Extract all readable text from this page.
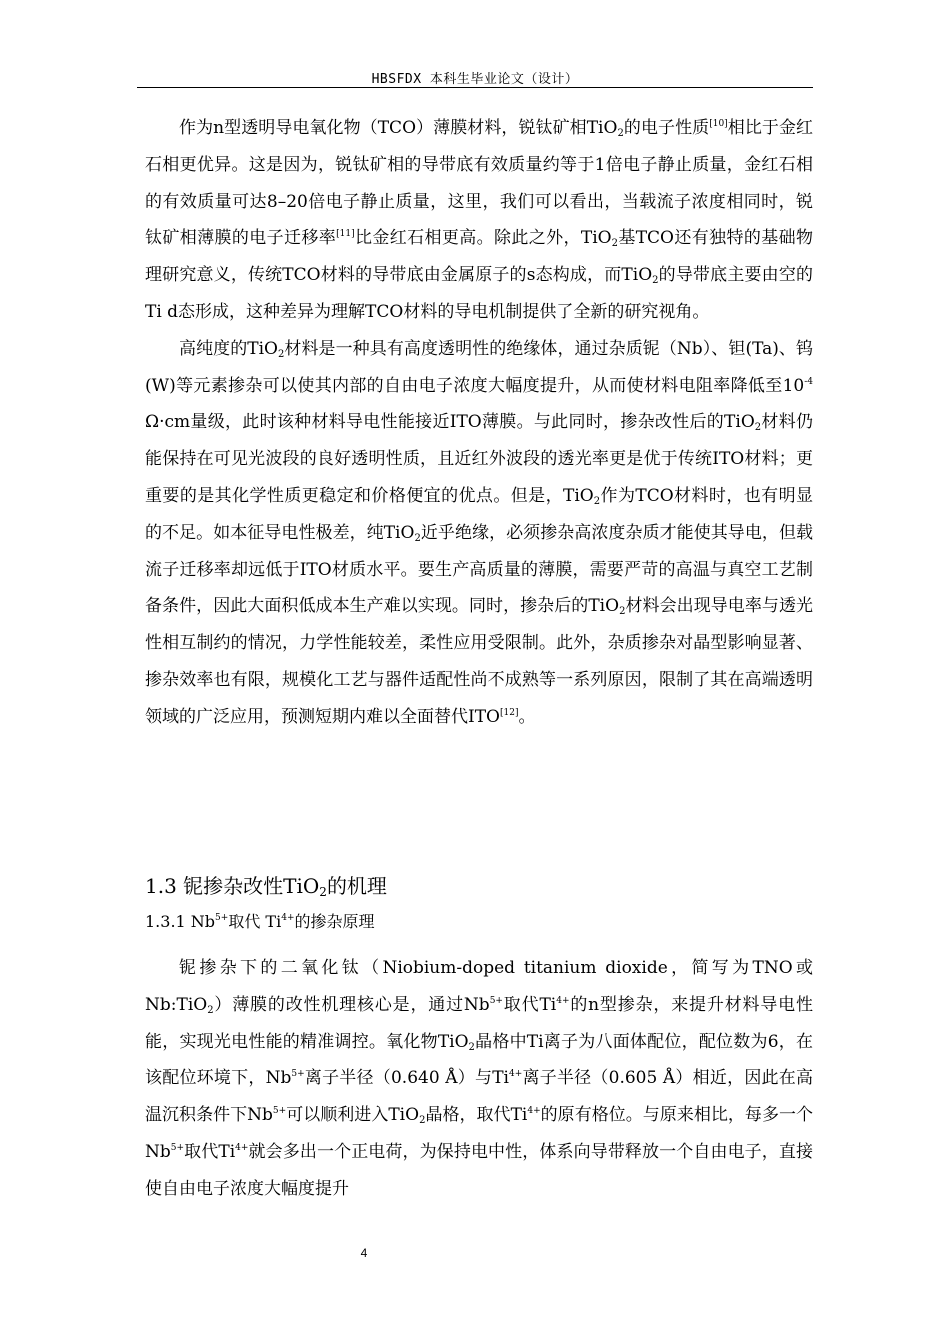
HBSFDX 本科生毕业论文（设计）

作为n型透明导电氧化物（TCO）薄膜材料，锐钛矿相TiO$_2$的电子性质[10]相比于金红石相更优异。这是因为，锐钛矿相的导带底有效质量约等于1倍电子静止质量，金红石相的有效质量可达8–20倍电子静止质量，这里，我们可以看出，当载流子浓度相同时，锐钛矿相薄膜的电子迁移率[11]比金红石相更高。除此之外，TiO$_2$基TCO还有独特的基础物理研究意义，传统TCO材料的导带底由金属原子的s态构成，而TiO$_2$的导带底主要由空的Ti d态形成，这种差异为理解TCO材料的导电机制提供了全新的研究视角。

高纯度的TiO$_2$材料是一种具有高度透明性的绝缘体，通过杂质铌（Nb）、钽(Ta)、钨(W)等元素掺杂可以使其内部的自由电子浓度大幅度提升，从而使材料电阻率降低至$10^{-4}$ Ω·cm量级，此时该种材料导电性能接近ITO薄膜。与此同时，掺杂改性后的TiO$_2$材料仍能保持在可见光波段的良好透明性质，且近红外波段的透光率更是优于传统ITO材料；更重要的是其化学性质更稳定和价格便宜的优点。但是，TiO$_2$作为TCO材料时，也有明显的不足。如本征导电性极差，纯TiO$_2$近乎绝缘，必须掺杂高浓度杂质才能使其导电，但载流子迁移率却远低于ITO材质水平。要生产高质量的薄膜，需要严苛的高温与真空工艺制备条件，因此大面积低成本生产难以实现。同时，掺杂后的TiO$_2$材料会出现导电率与透光性相互制约的情况，力学性能较差，柔性应用受限制。此外，杂质掺杂对晶型影响显著、掺杂效率也有限，规模化工艺与器件适配性尚不成熟等一系列原因，限制了其在高端透明领域的广泛应用，预测短期内难以全面替代ITO[12]。

1.3 铌掺杂改性TiO$_2$的机理
1.3.1 $Nb^{5+}$取代 $Ti^{4+}$的掺杂原理

铌掺杂下的二氧化钛（Niobium-doped titanium dioxide，简写为TNO或Nb:TiO$_2$）薄膜的改性机理核心是，通过$Nb^{5+}$取代$Ti^{4+}$的n型掺杂，来提升材料导电性能，实现光电性能的精准调控。氧化物TiO$_2$晶格中Ti离子为八面体配位，配位数为6，在该配位环境下，$Nb^{5+}$离子半径（0.640 Å）与$Ti^{4+}$离子半径（0.605 Å）相近，因此在高温沉积条件下$Nb^{5+}$可以顺利进入TiO$_2$晶格，取代$Ti^{4+}$的原有格位。与原来相比，每多一个$Nb^{5+}$取代$Ti^{4+}$就会多出一个正电荷，为保持电中性，体系向导带释放一个自由电子，直接使自由电子浓度大幅度提升

4
